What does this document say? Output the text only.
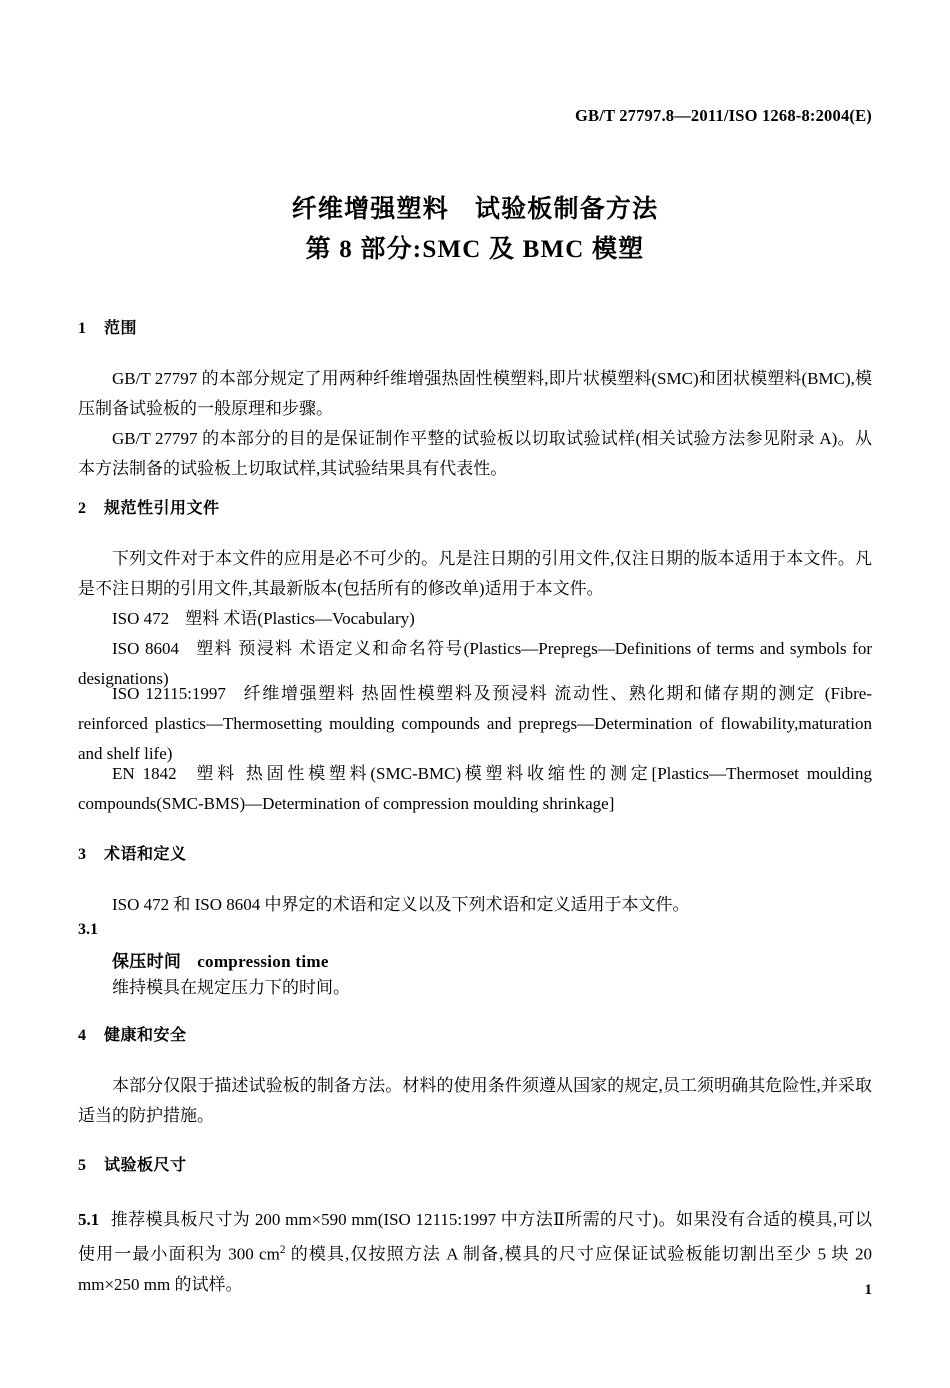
GB/T 27797.8—2011/ISO 1268-8:2004(E)
纤维增强塑料 试验板制备方法
第 8 部分:SMC 及 BMC 模塑
1 范围
GB/T 27797 的本部分规定了用两种纤维增强热固性模塑料,即片状模塑料(SMC)和团状模塑料(BMC),模压制备试验板的一般原理和步骤。
GB/T 27797 的本部分的目的是保证制作平整的试验板以切取试验试样(相关试验方法参见附录 A)。从本方法制备的试验板上切取试样,其试验结果具有代表性。
2 规范性引用文件
下列文件对于本文件的应用是必不可少的。凡是注日期的引用文件,仅注日期的版本适用于本文件。凡是不注日期的引用文件,其最新版本(包括所有的修改单)适用于本文件。
ISO 472 塑料 术语(Plastics—Vocabulary)
ISO 8604 塑料 预浸料 术语定义和命名符号(Plastics—Prepregs—Definitions of terms and symbols for designations)
ISO 12115:1997 纤维增强塑料 热固性模塑料及预浸料 流动性、熟化期和储存期的测定 (Fibre-reinforced plastics—Thermosetting moulding compounds and prepregs—Determination of flowability,maturation and shelf life)
EN 1842 塑料 热固性模塑料(SMC-BMC)模塑料收缩性的测定[Plastics—Thermoset moulding compounds(SMC-BMS)—Determination of compression moulding shrinkage]
3 术语和定义
ISO 472 和 ISO 8604 中界定的术语和定义以及下列术语和定义适用于本文件。
3.1
保压时间 compression time
维持模具在规定压力下的时间。
4 健康和安全
本部分仅限于描述试验板的制备方法。材料的使用条件须遵从国家的规定,员工须明确其危险性,并采取适当的防护措施。
5 试验板尺寸
5.1 推荐模具板尺寸为 200 mm×590 mm(ISO 12115:1997 中方法Ⅱ所需的尺寸)。如果没有合适的模具,可以使用一最小面积为 300 $cm^2$ 的模具,仅按照方法 A 制备,模具的尺寸应保证试验板能切割出至少 5 块 20 mm×250 mm 的试样。	1
